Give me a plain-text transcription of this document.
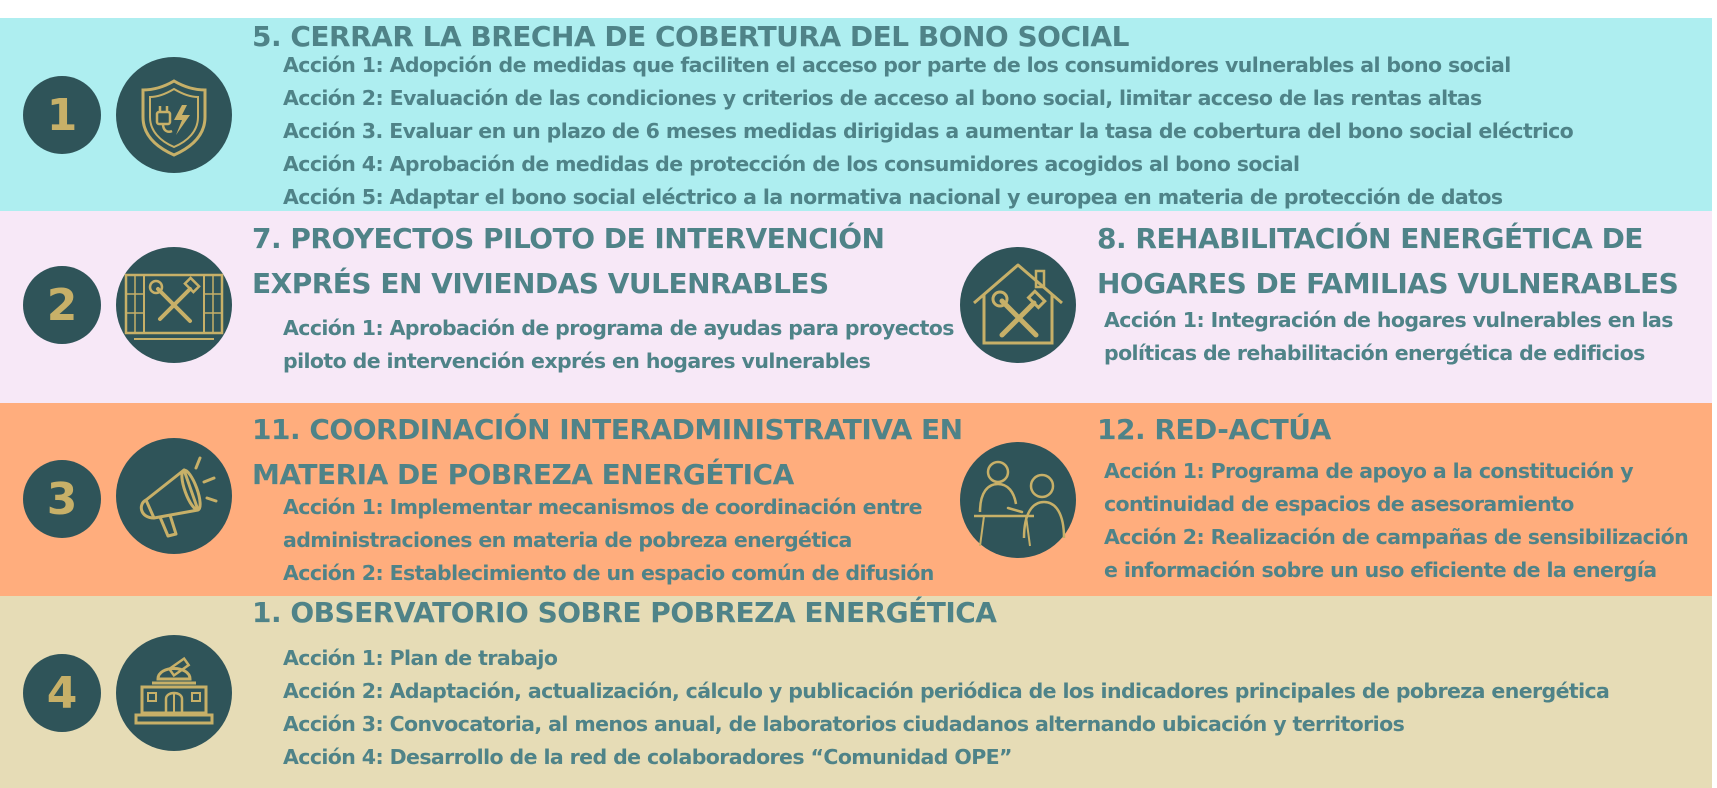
1
5. CERRAR LA BRECHA DE COBERTURA DEL BONO SOCIAL
Acción 1: Adopción de medidas que faciliten el acceso por parte de los consumidores vulnerables al bono social
Acción 2: Evaluación de las condiciones y criterios de acceso al bono social, limitar acceso de las rentas altas
Acción 3. Evaluar en un plazo de 6 meses medidas dirigidas a aumentar la tasa de cobertura del bono social eléctrico
Acción 4: Aprobación de medidas de protección de los consumidores acogidos al bono social
Acción 5: Adaptar el bono social eléctrico a la normativa nacional y europea en materia de protección de datos
2
7. PROYECTOS PILOTO DE INTERVENCIÓN
EXPRÉS EN VIVIENDAS VULENRABLES
Acción 1: Aprobación de programa de ayudas para proyectos
piloto de intervención exprés en hogares vulnerables
8. REHABILITACIÓN ENERGÉTICA DE
HOGARES DE FAMILIAS VULNERABLES
Acción 1: Integración de hogares vulnerables en las
políticas de rehabilitación energética de edificios
3
11. COORDINACIÓN INTERADMINISTRATIVA EN
MATERIA DE POBREZA ENERGÉTICA
Acción 1: Implementar mecanismos de coordinación entre
administraciones en materia de pobreza energética
Acción 2: Establecimiento de un espacio común de difusión
12. RED-ACTÚA
Acción 1: Programa de apoyo a la constitución y
continuidad de espacios de asesoramiento
Acción 2: Realización de campañas de sensibilización
e información sobre un uso eficiente de la energía
4
1. OBSERVATORIO SOBRE POBREZA ENERGÉTICA
Acción 1: Plan de trabajo
Acción 2: Adaptación, actualización, cálculo y publicación periódica de los indicadores principales de pobreza energética
Acción 3: Convocatoria, al menos anual, de laboratorios ciudadanos alternando ubicación y territorios
Acción 4: Desarrollo de la red de colaboradores “Comunidad OPE”
